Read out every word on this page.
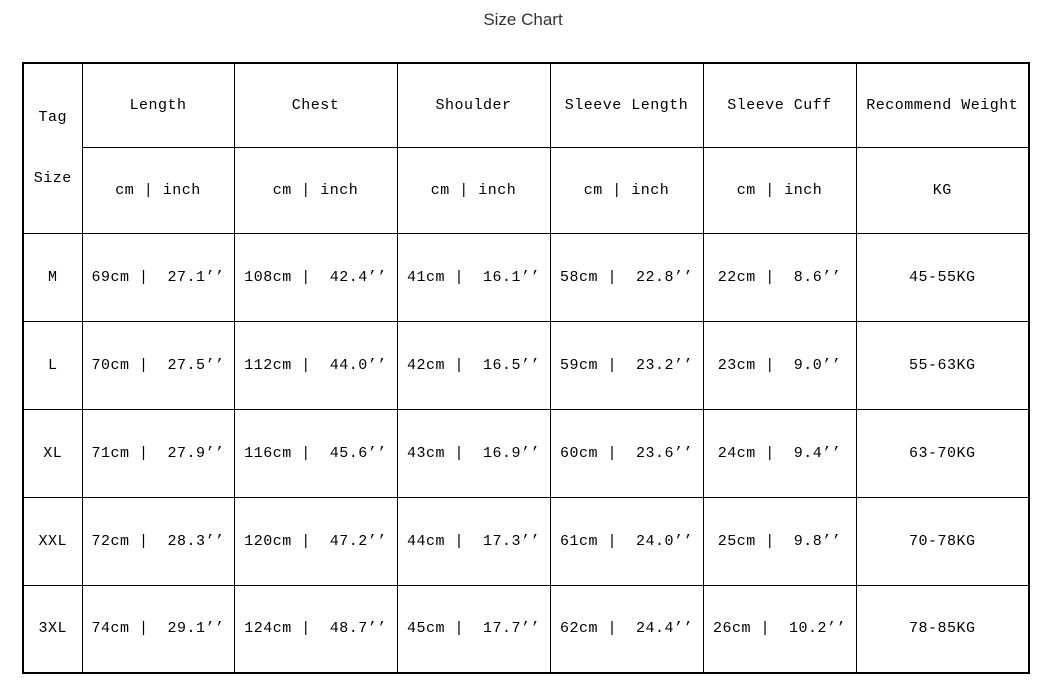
Size Chart

Tag

Size	Length	Chest	Shoulder	Sleeve Length	Sleeve Cuff	Recommend Weight
	cm | inch	cm | inch	cm | inch	cm | inch	cm | inch	KG
M	69cm |  27.1’’	108cm |  42.4’’	41cm |  16.1’’	58cm |  22.8’’	22cm |  8.6’’	45-55KG
L	70cm |  27.5’’	112cm |  44.0’’	42cm |  16.5’’	59cm |  23.2’’	23cm |  9.0’’	55-63KG
XL	71cm |  27.9’’	116cm |  45.6’’	43cm |  16.9’’	60cm |  23.6’’	24cm |  9.4’’	63-70KG
XXL	72cm |  28.3’’	120cm |  47.2’’	44cm |  17.3’’	61cm |  24.0’’	25cm |  9.8’’	70-78KG
3XL	74cm |  29.1’’	124cm |  48.7’’	45cm |  17.7’’	62cm |  24.4’’	26cm |  10.2’’	78-85KG
